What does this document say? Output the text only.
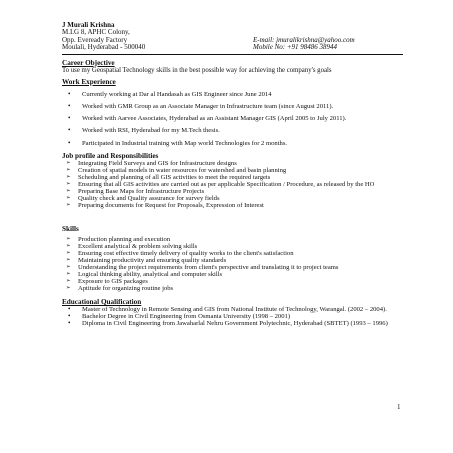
J Murali Krishna
M.I.G 8, APHC Colony,
Opp. Eveready Factory
Moulali, Hyderabad - 500040
E-mail: jmuralikrishna@yahoo.com
Mobile No: +91 98486 38944
Career Objective
To use my Geospatial Technology skills in the best possible way for achieving the company's goals
Work Experience
• Currently working at Dar al Handasah as GIS Engineer since June 2014
• Worked with GMR Group as an Associate Manager in Infrastructure team (since August 2011).
• Worked with Aarvee Associates, Hyderabad as an Assistant Manager GIS (April 2005 to July 2011).
• Worked with RSI, Hyderabad for my M.Tech thesis.
• Participated in Industrial training with Map world Technologies for 2 months.
Job profile and Responsibilities
➢ Integrating Field Surveys and GIS for Infrastructure designs
➢ Creation of spatial models in water resources for watershed and basin planning
➢ Scheduling and planning of all GIS activities to meet the required targets
➢ Ensuring that all GIS activities are carried out as per applicable Specification / Procedure, as released by the HO
➢ Preparing Base Maps for Infrastructure Projects
➢ Quality check and Quality assurance for survey fields
➢ Preparing documents for Request for Proposals, Expression of Interest
Skills
➢ Production planning and execution
➢ Excellent analytical & problem solving skills
➢ Ensuring cost effective timely delivery of quality works to the client's satisfaction
➢ Maintaining productivity and ensuring quality standards
➢ Understanding the project requirements from client's perspective and translating it to project teams
➢ Logical thinking ability, analytical and computer skills
➢ Exposure to GIS packages
➢ Aptitude for organizing routine jobs
Educational Qualification
• Master of Technology in Remote Sensing and GIS from National Institute of Technology, Warangal. (2002 – 2004).
• Bachelor Degree in Civil Engineering from Osmania University (1998 – 2001)
• Diploma in Civil Engineering from Jawaharlal Nehru Government Polytechnic, Hyderabad (SBTET) (1993 – 1996)
1
